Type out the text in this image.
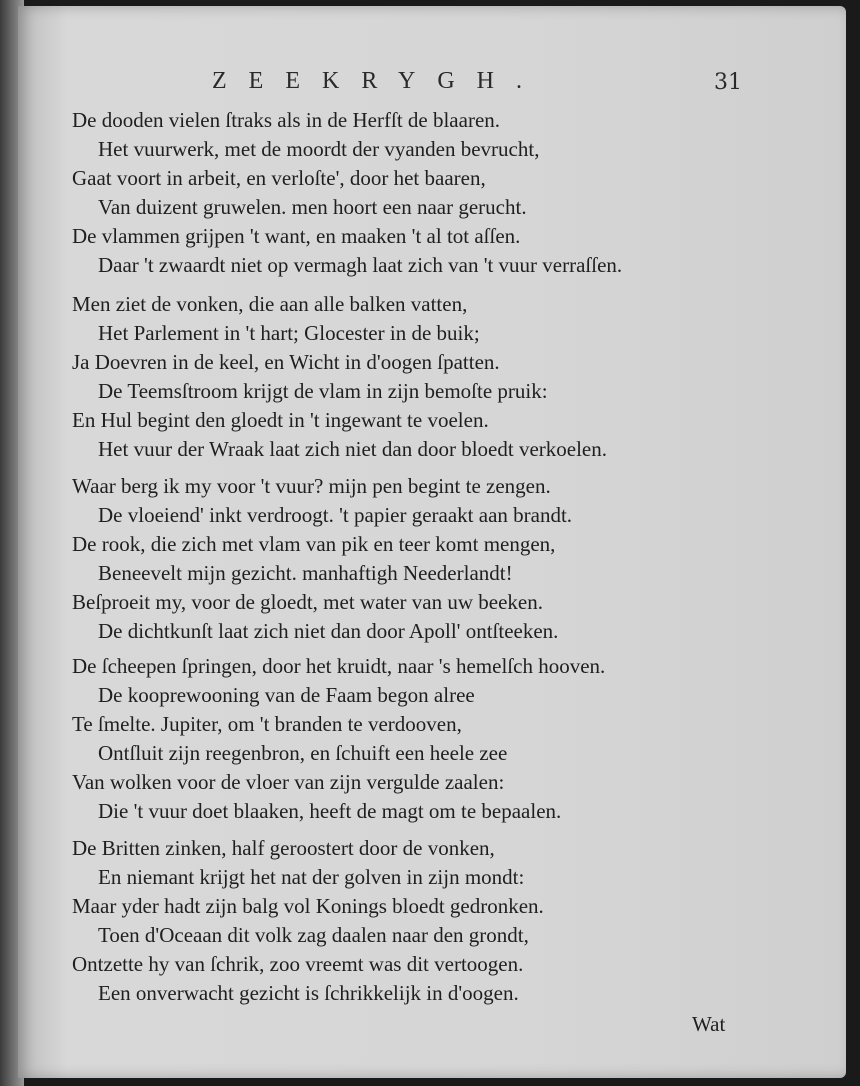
ZEEKRYGH.	31
De dooden vielen ſtraks als in de Herfſt de blaaren.
Het vuurwerk, met de moordt der vyanden bevrucht,
Gaat voort in arbeit, en verloſte', door het baaren,
Van duizent gruwelen. men hoort een naar gerucht.
De vlammen grijpen 't want, en maaken 't al tot aſſen.
Daar 't zwaardt niet op vermagh laat zich van 't vuur verraſſen.
Men ziet de vonken, die aan alle balken vatten,
Het Parlement in 't hart; Glocester in de buik;
Ja Doevren in de keel, en Wicht in d'oogen ſpatten.
De Teemsſtroom krijgt de vlam in zijn bemoſte pruik:
En Hul begint den gloedt in 't ingewant te voelen.
Het vuur der Wraak laat zich niet dan door bloedt verkoelen.
Waar berg ik my voor 't vuur? mijn pen begint te zengen.
De vloeiend' inkt verdroogt. 't papier geraakt aan brandt.
De rook, die zich met vlam van pik en teer komt mengen,
Beneevelt mijn gezicht. manhaftigh Neederlandt!
Beſproeit my, voor de gloedt, met water van uw beeken.
De dichtkunſt laat zich niet dan door Apoll' ontſteeken.
De ſcheepen ſpringen, door het kruidt, naar 's hemelſch hooven.
De kooprewooning van de Faam begon alree
Te ſmelte. Jupiter, om 't branden te verdooven,
Ontſluit zijn reegenbron, en ſchuift een heele zee
Van wolken voor de vloer van zijn vergulde zaalen:
Die 't vuur doet blaaken, heeft de magt om te bepaalen.
De Britten zinken, half geroostert door de vonken,
En niemant krijgt het nat der golven in zijn mondt:
Maar yder hadt zijn balg vol Konings bloedt gedronken.
Toen d'Oceaan dit volk zag daalen naar den grondt,
Ontzette hy van ſchrik, zoo vreemt was dit vertoogen.
Een onverwacht gezicht is ſchrikkelijk in d'oogen.
Wat
